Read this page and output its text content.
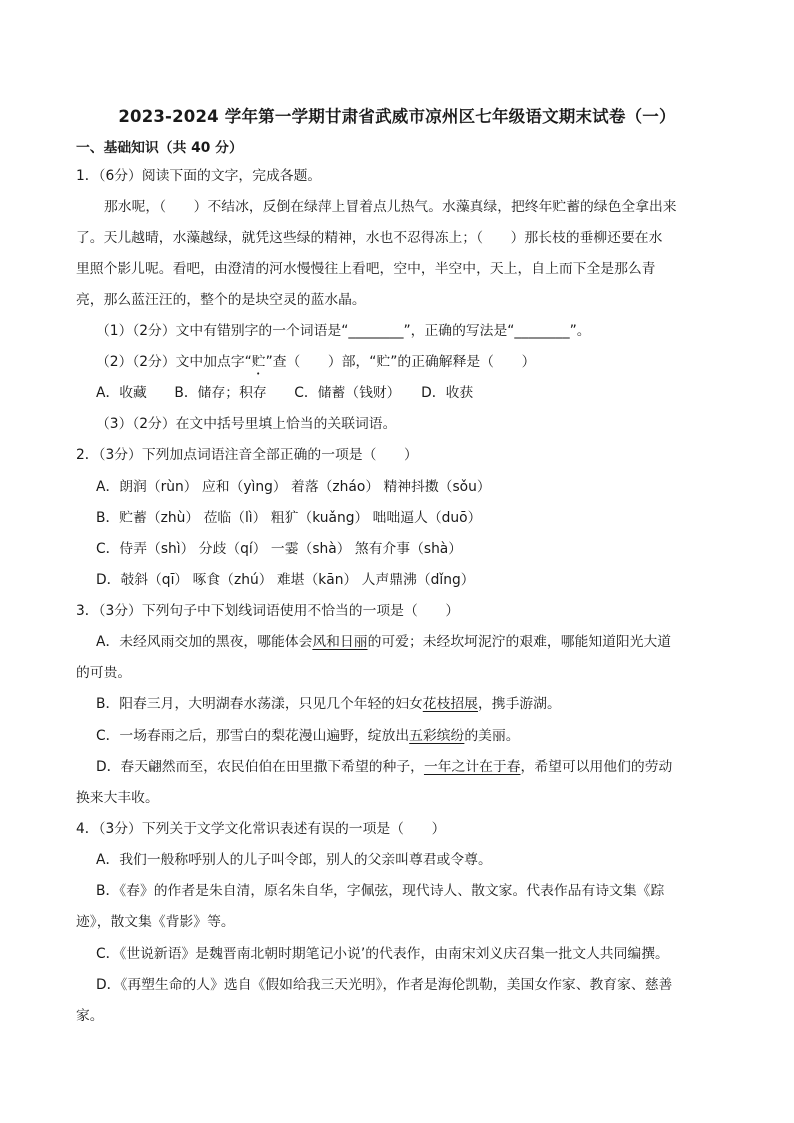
2023-2024 学年第一学期甘肃省武威市凉州区七年级语文期末试卷（一）
一、基础知识（共 40 分）
1．（6分）阅读下面的文字，完成各题。
那水呢，（　　）不结冰，反倒在绿萍上冒着点儿热气。水藻真绿，把终年贮蓄的绿色全拿出来
了。天儿越晴，水藻越绿，就凭这些绿的精神，水也不忍得冻上；（　　）那长枝的垂柳还要在水
里照个影儿呢。看吧，由澄清的河水慢慢往上看吧，空中，半空中，天上，自上而下全是那么青
亮，那么蓝汪汪的，整个的是块空灵的蓝水晶。
（1）（2分）文中有错别字的一个词语是“________”，正确的写法是“________”。
（2）（2分）文中加点字“贮”查（　　）部，“贮”的正确解释是（　　）
A．收藏　　B．储存；积存　　C．储蓄（钱财）　　D．收获
（3）（2分）在文中括号里填上恰当的关联词语。
2．（3分）下列加点词语注音全部正确的一项是（　　）
A．朗润（rùn） 应和（yìng） 着落（zháo） 精神抖擞（sǒu）
B．贮蓄（zhù） 莅临（lì） 粗犷（kuǎng） 咄咄逼人（duō）
C．侍弄（shì） 分歧（qí） 一霎（shà） 煞有介事（shà）
D．攲斜（qī） 啄食（zhú） 难堪（kān） 人声鼎沸（dǐng）
3．（3分）下列句子中下划线词语使用不恰当的一项是（　　）
A．未经风雨交加的黑夜，哪能体会风和日丽的可爱；未经坎坷泥泞的艰难，哪能知道阳光大道
的可贵。
B．阳春三月，大明湖春水荡漾，只见几个年轻的妇女花枝招展，携手游湖。
C．一场春雨之后，那雪白的梨花漫山遍野，绽放出五彩缤纷的美丽。
D．春天翩然而至，农民伯伯在田里撒下希望的种子，一年之计在于春，希望可以用他们的劳动
换来大丰收。
4．（3分）下列关于文学文化常识表述有误的一项是（　　）
A．我们一般称呼别人的儿子叫令郎，别人的父亲叫尊君或令尊。
B．《春》的作者是朱自清，原名朱自华，字佩弦，现代诗人、散文家。代表作品有诗文集《踪
迹》，散文集《背影》等。
C．《世说新语》是魏晋南北朝时期笔记小说’的代表作，由南宋刘义庆召集一批文人共同编撰。
D．《再塑生命的人》选自《假如给我三天光明》，作者是海伦凯勒，美国女作家、教育家、慈善
家。
